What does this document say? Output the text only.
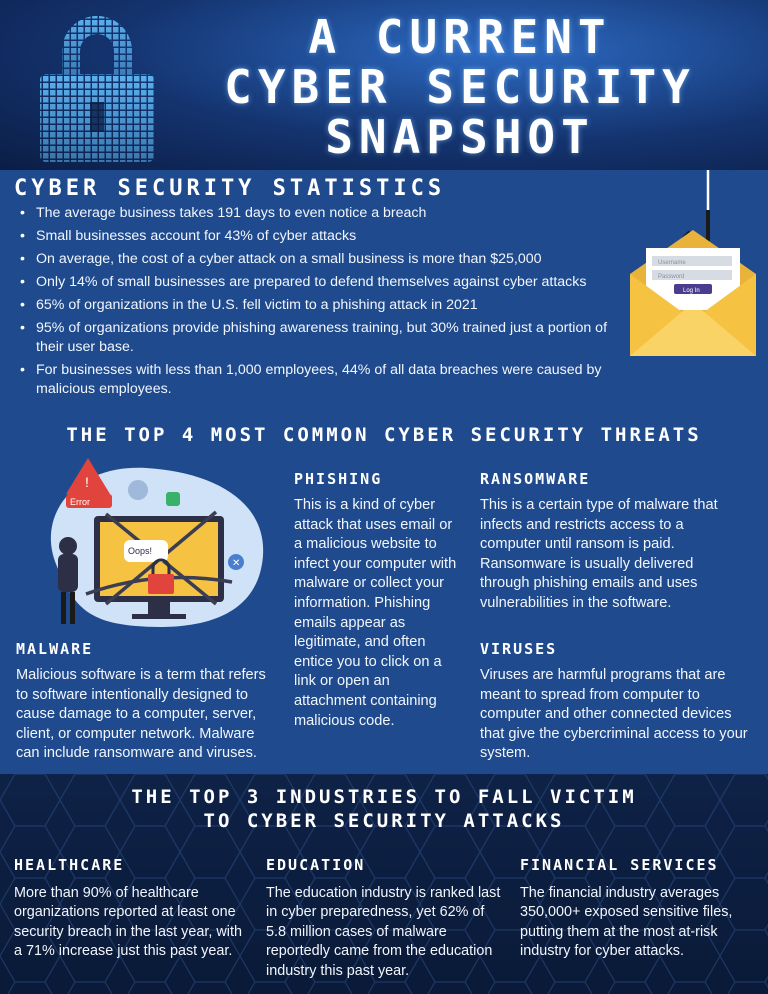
A CURRENT
CYBER SECURITY
SNAPSHOT
CYBER SECURITY STATISTICS
• The average business takes 191 days to even notice a breach
• Small businesses account for 43% of cyber attacks
• On average, the cost of a cyber attack on a small business is more than $25,000
• Only 14% of small businesses are prepared to defend themselves against cyber attacks
• 65% of organizations in the U.S. fell victim to a phishing attack in 2021
• 95% of organizations provide phishing awareness training, but 30% trained just a portion of their user base.
• For businesses with less than 1,000 employees, 44% of all data breaches were caused by malicious employees.
Username
Password
Log In
THE TOP 4 MOST COMMON CYBER SECURITY THREATS
Oops!
!
Error
✕
PHISHING
This is a kind of cyber attack that uses email or a malicious website to infect your computer with malware or collect your information. Phishing emails appear as legitimate, and often entice you to click on a link or open an attachment containing malicious code.
RANSOMWARE
This is a certain type of malware that infects and restricts access to a computer until ransom is paid. Ransomware is usually delivered through phishing emails and uses vulnerabilities in the software.
MALWARE
Malicious software is a term that refers to software intentionally designed to cause damage to a computer, server, client, or computer network. Malware can include ransomware and viruses.
VIRUSES
Viruses are harmful programs that are meant to spread from computer to computer and other connected devices that give the cybercriminal access to your system.
THE TOP 3 INDUSTRIES TO FALL VICTIM
TO CYBER SECURITY ATTACKS
HEALTHCARE
More than 90% of healthcare organizations reported at least one security breach in the last year, with a 71% increase just this past year.
EDUCATION
The education industry is ranked last in cyber preparedness, yet 62% of 5.8 million cases of malware reportedly came from the education industry this past year.
FINANCIAL SERVICES
The financial industry averages 350,000+ exposed sensitive files, putting them at the most at-risk industry for cyber attacks.
